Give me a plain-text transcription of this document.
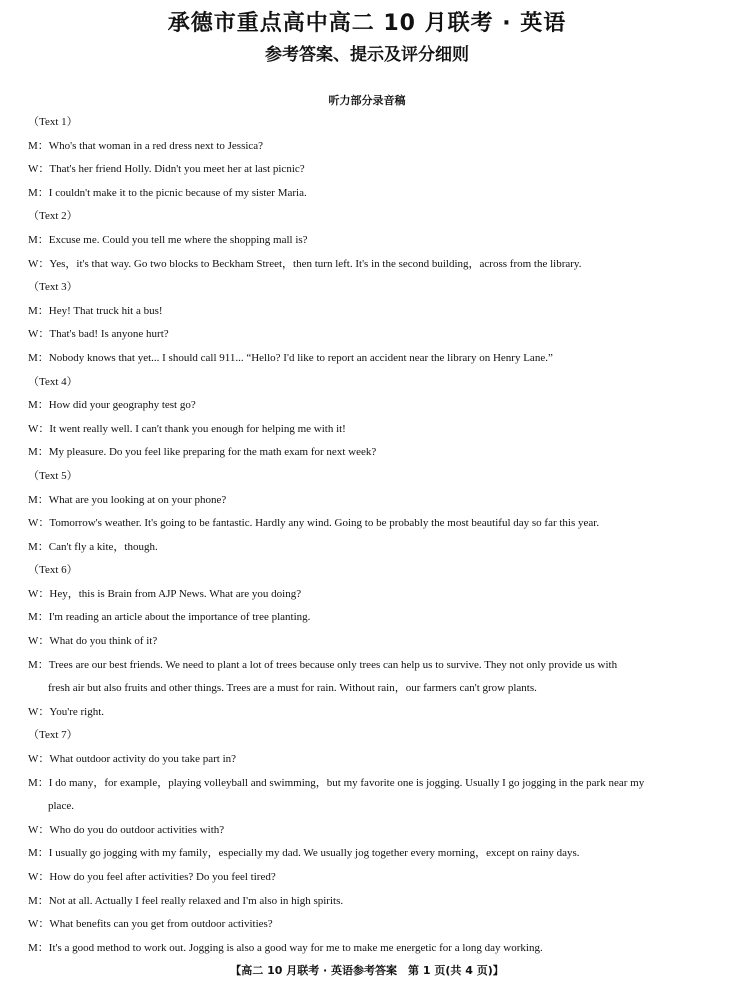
承德市重点高中高二 10 月联考 · 英语
参考答案、提示及评分细则
听力部分录音稿
（Text 1）
M：Who's that woman in a red dress next to Jessica?
W：That's her friend Holly. Didn't you meet her at last picnic?
M：I couldn't make it to the picnic because of my sister Maria.
（Text 2）
M：Excuse me. Could you tell me where the shopping mall is?
W：Yes，it's that way. Go two blocks to Beckham Street，then turn left. It's in the second building，across from the library.
（Text 3）
M：Hey! That truck hit a bus!
W：That's bad! Is anyone hurt?
M：Nobody knows that yet... I should call 911... “Hello? I'd like to report an accident near the library on Henry Lane.”
（Text 4）
M：How did your geography test go?
W：It went really well. I can't thank you enough for helping me with it!
M：My pleasure. Do you feel like preparing for the math exam for next week?
（Text 5）
M：What are you looking at on your phone?
W：Tomorrow's weather. It's going to be fantastic. Hardly any wind. Going to be probably the most beautiful day so far this year.
M：Can't fly a kite，though.
（Text 6）
W：Hey，this is Brain from AJP News. What are you doing?
M：I'm reading an article about the importance of tree planting.
W：What do you think of it?
M：Trees are our best friends. We need to plant a lot of trees because only trees can help us to survive. They not only provide us with
fresh air but also fruits and other things. Trees are a must for rain. Without rain，our farmers can't grow plants.
W：You're right.
（Text 7）
W：What outdoor activity do you take part in?
M：I do many，for example，playing volleyball and swimming，but my favorite one is jogging. Usually I go jogging in the park near my
place.
W：Who do you do outdoor activities with?
M：I usually go jogging with my family，especially my dad. We usually jog together every morning，except on rainy days.
W：How do you feel after activities? Do you feel tired?
M：Not at all. Actually I feel really relaxed and I'm also in high spirits.
W：What benefits can you get from outdoor activities?
M：It's a good method to work out. Jogging is also a good way for me to make me energetic for a long day working.
【高二 10 月联考 · 英语参考答案　第 1 页(共 4 页)】
